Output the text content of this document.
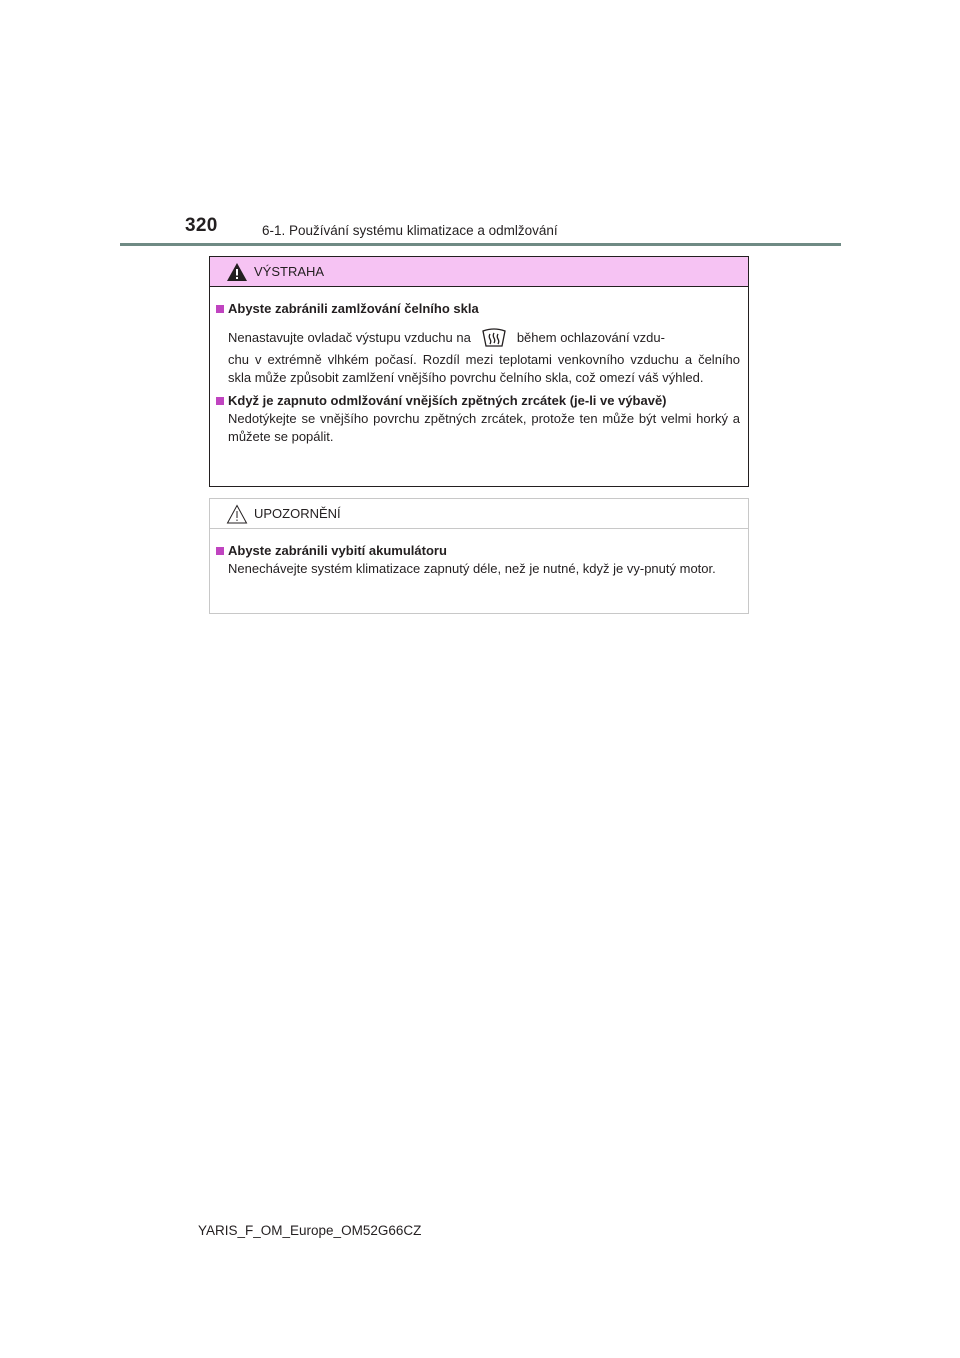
320	6-1. Používání systému klimatizace a odmlžování
VÝSTRAHA
Abyste zabránili zamlžování čelního skla
Nenastavujte ovladač výstupu vzduchu na	během ochlazování vzdu-
chu v extrémně vlhkém počasí. Rozdíl mezi teplotami venkovního vzduchu a čelního skla může způsobit zamlžení vnějšího povrchu čelního skla, což omezí váš výhled.
Když je zapnuto odmlžování vnějších zpětných zrcátek (je-li ve výbavě)
Nedotýkejte se vnějšího povrchu zpětných zrcátek, protože ten může být velmi horký a můžete se popálit.
UPOZORNĚNÍ
Abyste zabránili vybití akumulátoru
Nenechávejte systém klimatizace zapnutý déle, než je nutné, když je vy-pnutý motor.
YARIS_F_OM_Europe_OM52G66CZ
